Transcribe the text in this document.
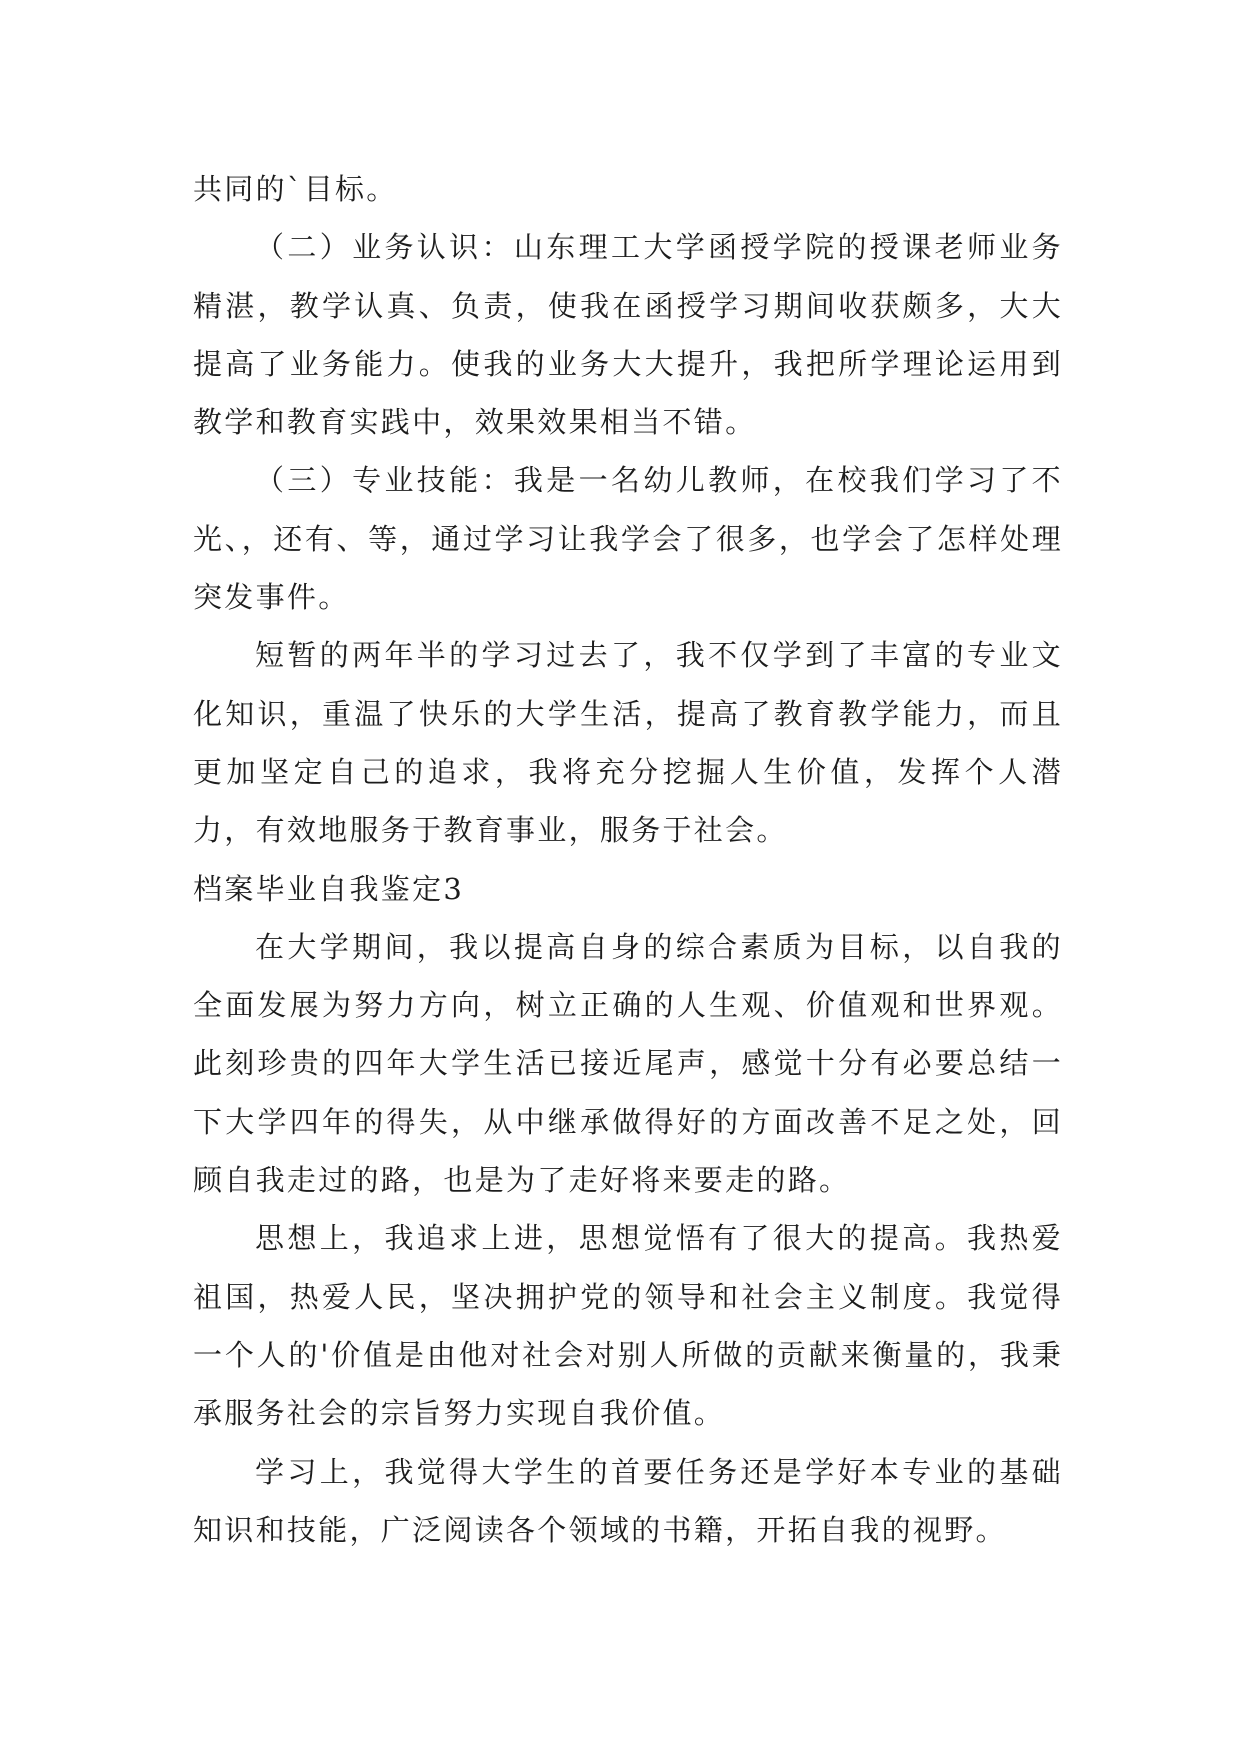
共同的`目标。

（二）业务认识：山东理工大学函授学院的授课老师业务精湛，教学认真、负责，使我在函授学习期间收获颇多，大大提高了业务能力。使我的业务大大提升，我把所学理论运用到教学和教育实践中，效果效果相当不错。

（三）专业技能：我是一名幼儿教师，在校我们学习了不光、，还有、等，通过学习让我学会了很多，也学会了怎样处理突发事件。

短暂的两年半的学习过去了，我不仅学到了丰富的专业文化知识，重温了快乐的大学生活，提高了教育教学能力，而且更加坚定自己的追求，我将充分挖掘人生价值，发挥个人潜力，有效地服务于教育事业，服务于社会。

档案毕业自我鉴定3

在大学期间，我以提高自身的综合素质为目标，以自我的全面发展为努力方向，树立正确的人生观、价值观和世界观。此刻珍贵的四年大学生活已接近尾声，感觉十分有必要总结一下大学四年的得失，从中继承做得好的方面改善不足之处，回顾自我走过的路，也是为了走好将来要走的路。

思想上，我追求上进，思想觉悟有了很大的提高。我热爱祖国，热爱人民，坚决拥护党的领导和社会主义制度。我觉得一个人的'价值是由他对社会对别人所做的贡献来衡量的，我秉承服务社会的宗旨努力实现自我价值。

学习上，我觉得大学生的首要任务还是学好本专业的基础知识和技能，广泛阅读各个领域的书籍，开拓自我的视野。
